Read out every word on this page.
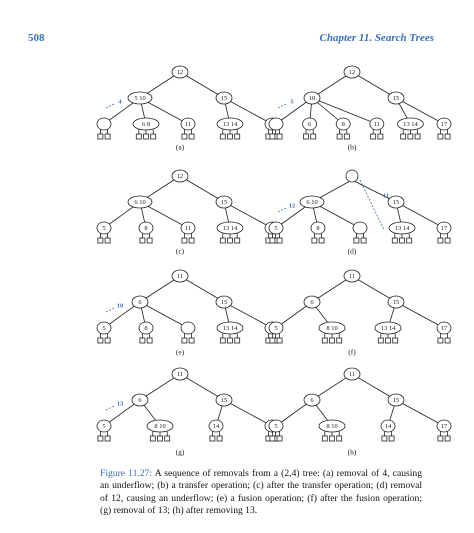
508	Chapter 11. Search Trees
12
5 10	15
6 8	11	13 14
4
(a)
12
10	15
6	8	11	13 14	17
5
(b)
12
6 10	15
5	8	11	13 14
(c)
6 10	15
5	8	13 14	17
12
11
(d)
11
6	15
5	8	13 14
10
(e)
11
6	15
5	8 10	13 14	17
(f)
11
6	15
5	8 10	14
13
(g)
11
6	15
5	8 10	14	17
(h)
Figure 11.27: A sequence of removals from a (2,4) tree: (a) removal of 4, causing an underflow; (b) a transfer operation; (c) after the transfer operation; (d) removal of 12, causing an underflow; (e) a fusion operation; (f) after the fusion operation; (g) removal of 13; (h) after removing 13.
